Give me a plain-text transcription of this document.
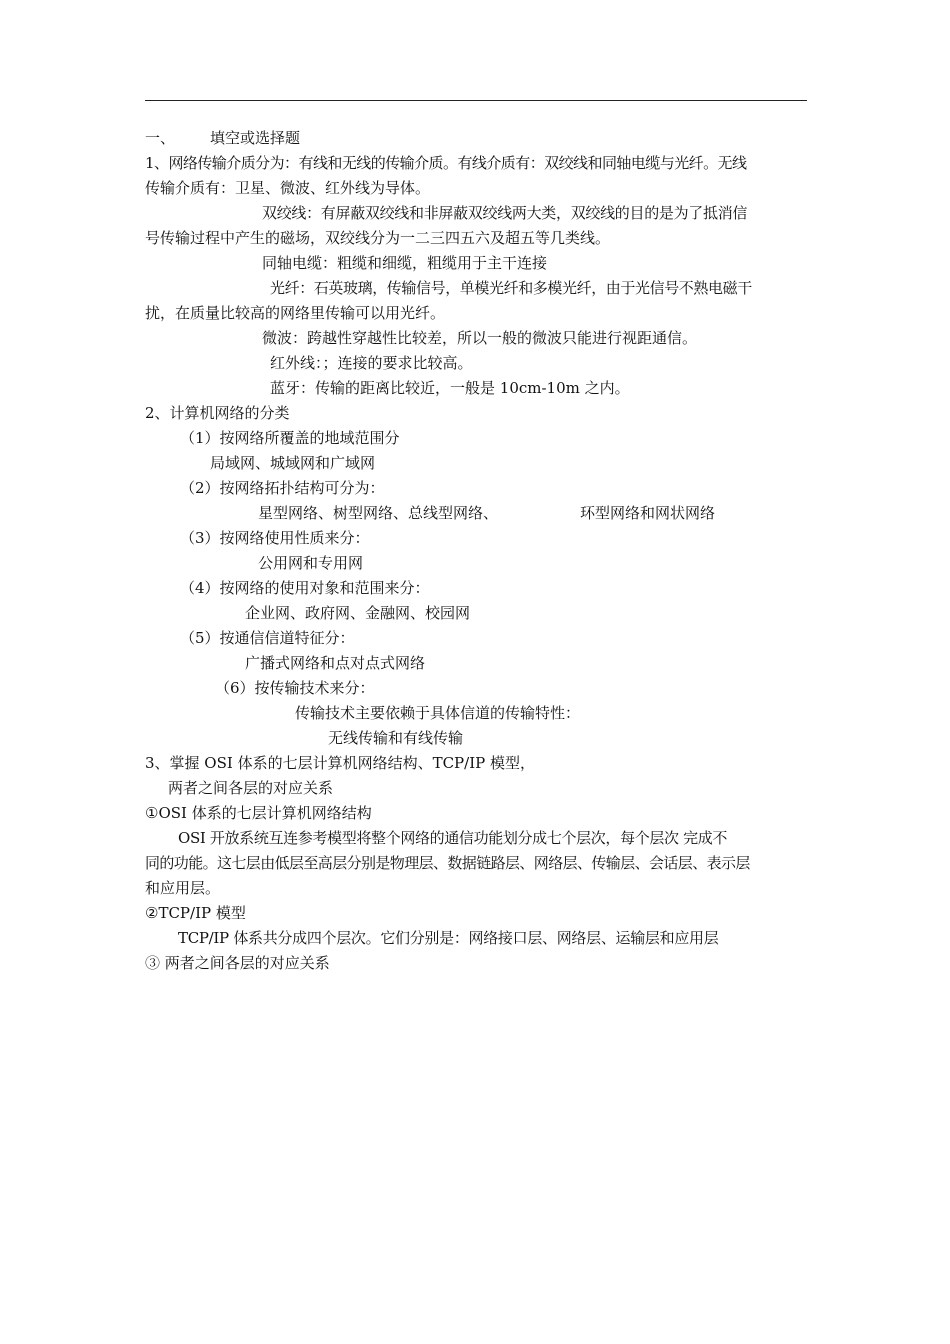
一、 填空或选择题
1、网络传输介质分为：有线和无线的传输介质。有线介质有：双绞线和同轴电缆与光纤。无线
传输介质有：卫星、微波、红外线为导体。
双绞线：有屏蔽双绞线和非屏蔽双绞线两大类，双绞线的目的是为了抵消信
号传输过程中产生的磁场，双绞线分为一二三四五六及超五等几类线。
同轴电缆：粗缆和细缆，粗缆用于主干连接
光纤：石英玻璃，传输信号，单模光纤和多模光纤，由于光信号不熟电磁干
扰，在质量比较高的网络里传输可以用光纤。
微波：跨越性穿越性比较差，所以一般的微波只能进行视距通信。
红外线：；连接的要求比较高。
蓝牙：传输的距离比较近，一般是 10cm-10m 之内。
2、计算机网络的分类
（1）按网络所覆盖的地域范围分
局域网、城域网和广域网
（2）按网络拓扑结构可分为：
星型网络、树型网络、总线型网络、	环型网络和网状网络
（3）按网络使用性质来分：
公用网和专用网
（4）按网络的使用对象和范围来分：
企业网、政府网、金融网、校园网
（5）按通信信道特征分：
广播式网络和点对点式网络
（6）按传输技术来分：
传输技术主要依赖于具体信道的传输特性：
无线传输和有线传输
3、掌握 OSI 体系的七层计算机网络结构、TCP/IP 模型，
两者之间各层的对应关系
①OSI 体系的七层计算机网络结构
OSI 开放系统互连参考模型将整个网络的通信功能划分成七个层次，每个层次 完成不
同的功能。这七层由低层至高层分别是物理层、数据链路层、网络层、传输层、会话层、表示层
和应用层。
②TCP/IP 模型
TCP/IP 体系共分成四个层次。它们分别是：网络接口层、网络层、运输层和应用层
③ 两者之间各层的对应关系
